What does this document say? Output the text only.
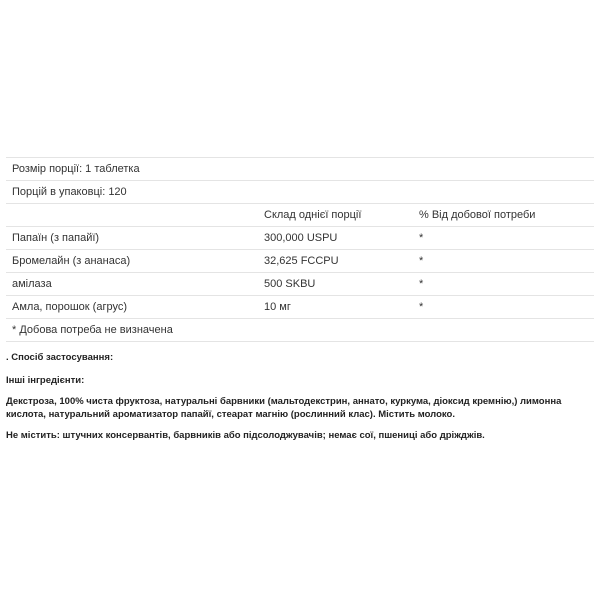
Розмір порції: 1 таблетка		
Порцій в упаковці: 120		
	Склад однієї порції	% Від добової потреби
Папаїн (з папайї)	300,000 USPU	*
Бромелайн (з ананаса)	32,625 FCCPU	*
амілаза	500 SKBU	*
Амла, порошок (агрус)	10 мг	*
* Добова потреба не визначена		
. Спосіб застосування:
Інші інгредієнти:
Декстроза, 100% чиста фруктоза, натуральні барвники (мальтодекстрин, аннато, куркума, діоксид кремнію,) лимонна кислота, натуральний ароматизатор папайї, стеарат магнію (рослинний клас). Містить молоко.
Не містить: штучних консервантів, барвників або підсолоджувачів; немає сої, пшениці або дріжджів.
